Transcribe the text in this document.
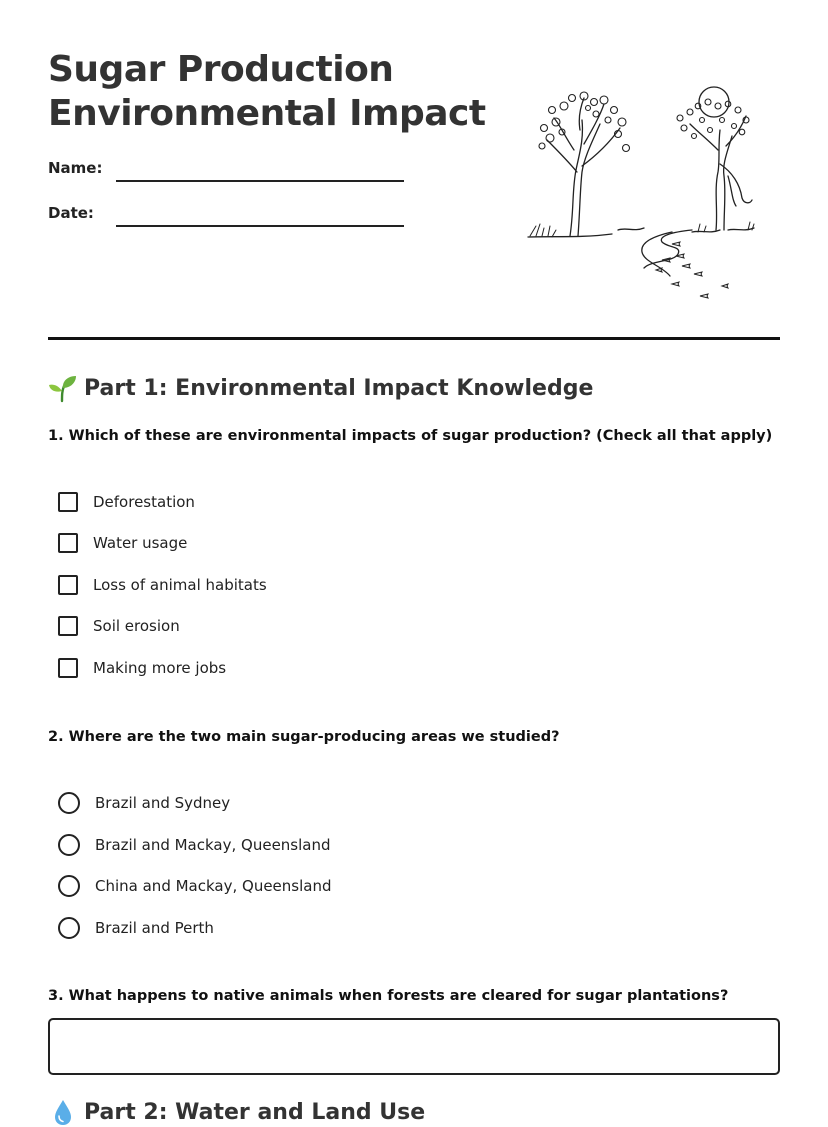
Sugar Production
Environmental Impact
Name:
Date:
Part 1: Environmental Impact Knowledge
1. Which of these are environmental impacts of sugar production? (Check all that apply)
Deforestation
Water usage
Loss of animal habitats
Soil erosion
Making more jobs
2. Where are the two main sugar-producing areas we studied?
Brazil and Sydney
Brazil and Mackay, Queensland
China and Mackay, Queensland
Brazil and Perth
3. What happens to native animals when forests are cleared for sugar plantations?
Part 2: Water and Land Use
